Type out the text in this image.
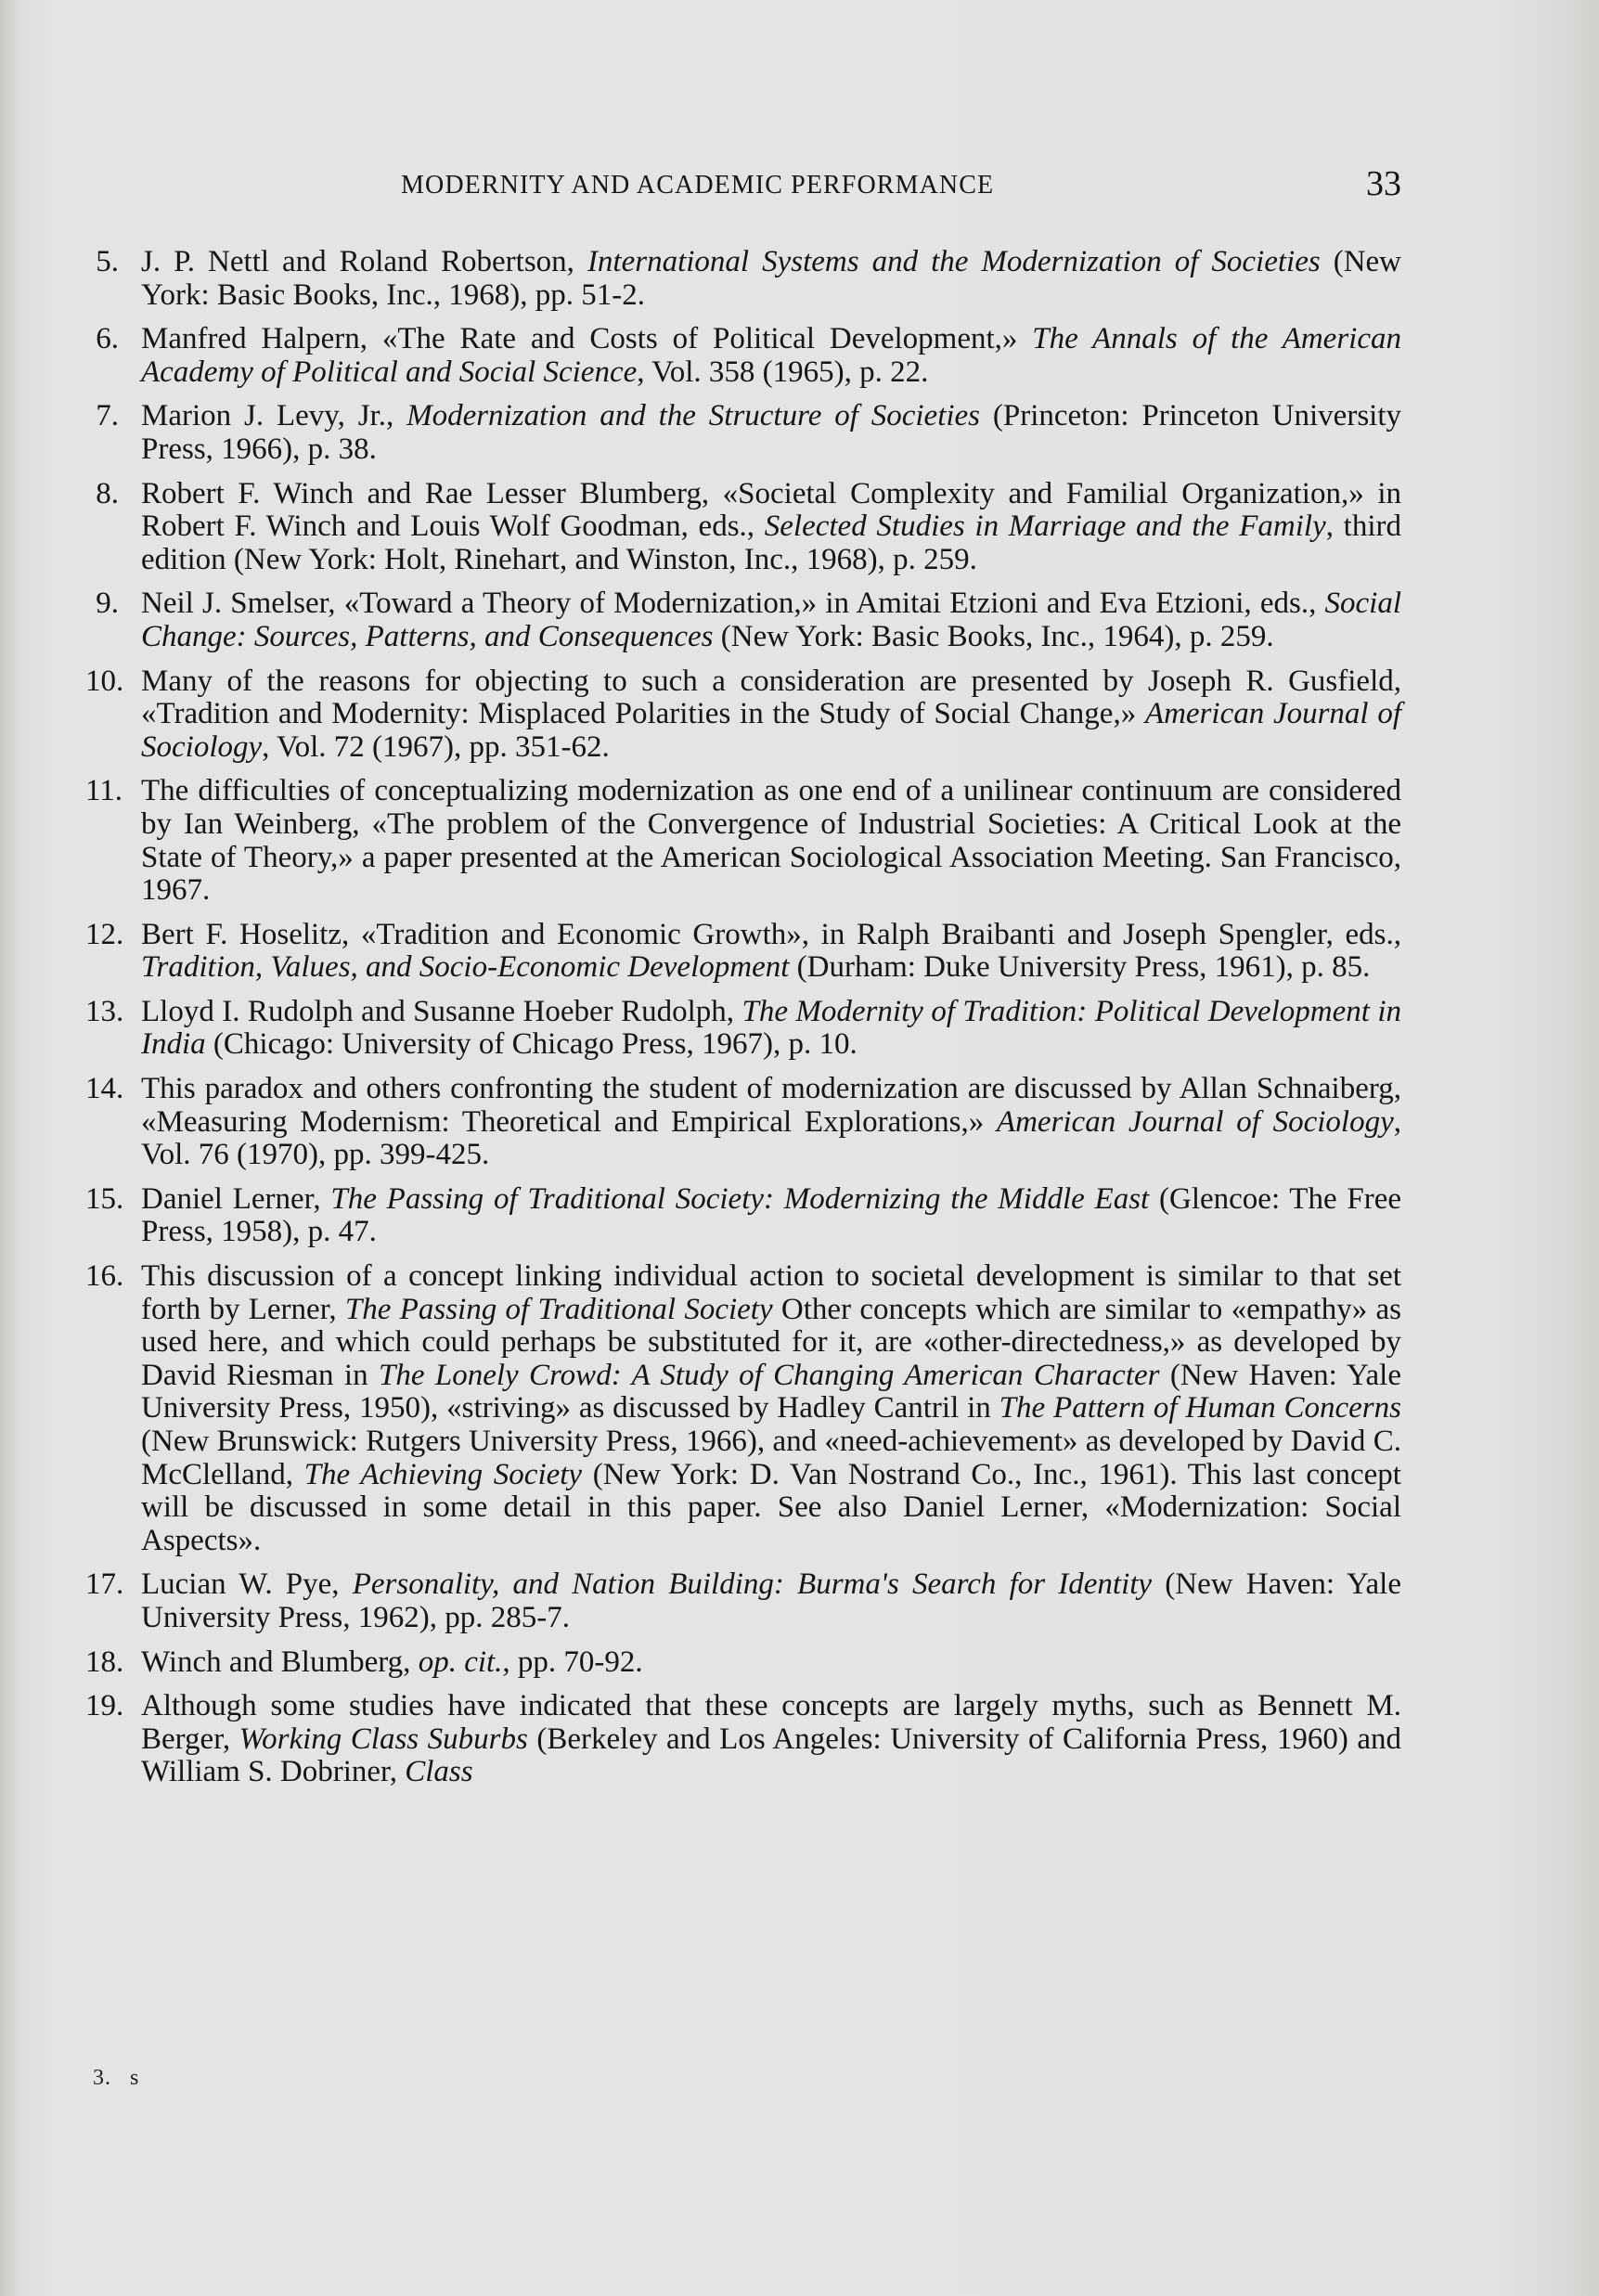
MODERNITY AND ACADEMIC PERFORMANCE	33
5. J. P. Nettl and Roland Robertson, International Systems and the Modernization of Societies (New York: Basic Books, Inc., 1968), pp. 51-2.
6. Manfred Halpern, «The Rate and Costs of Political Development,» The Annals of the American Academy of Political and Social Science, Vol. 358 (1965), p. 22.
7. Marion J. Levy, Jr., Modernization and the Structure of Societies (Princeton: Princeton University Press, 1966), p. 38.
8. Robert F. Winch and Rae Lesser Blumberg, «Societal Complexity and Familial Organization,» in Robert F. Winch and Louis Wolf Goodman, eds., Selected Studies in Marriage and the Family, third edition (New York: Holt, Rinehart, and Winston, Inc., 1968), p. 259.
9. Neil J. Smelser, «Toward a Theory of Modernization,» in Amitai Etzioni and Eva Etzioni, eds., Social Change: Sources, Patterns, and Consequences (New York: Basic Books, Inc., 1964), p. 259.
10. Many of the reasons for objecting to such a consideration are presented by Joseph R. Gusfield, «Tradition and Modernity: Misplaced Polarities in the Study of Social Change,» American Journal of Sociology, Vol. 72 (1967), pp. 351-62.
11. The difficulties of conceptualizing modernization as one end of a unilinear continuum are considered by Ian Weinberg, «The problem of the Convergence of Industrial Societies: A Critical Look at the State of Theory,» a paper presented at the American Sociological Association Meeting. San Francisco, 1967.
12. Bert F. Hoselitz, «Tradition and Economic Growth», in Ralph Braibanti and Joseph Spengler, eds., Tradition, Values, and Socio-Economic Development (Durham: Duke University Press, 1961), p. 85.
13. Lloyd I. Rudolph and Susanne Hoeber Rudolph, The Modernity of Tradition: Political Development in India (Chicago: University of Chicago Press, 1967), p. 10.
14. This paradox and others confronting the student of modernization are discussed by Allan Schnaiberg, «Measuring Modernism: Theoretical and Empirical Explorations,» American Journal of Sociology, Vol. 76 (1970), pp. 399-425.
15. Daniel Lerner, The Passing of Traditional Society: Modernizing the Middle East (Glencoe: The Free Press, 1958), p. 47.
16. This discussion of a concept linking individual action to societal development is similar to that set forth by Lerner, The Passing of Traditional Society Other concepts which are similar to «empathy» as used here, and which could perhaps be substituted for it, are «other-directedness,» as developed by David Riesman in The Lonely Crowd: A Study of Changing American Character (New Haven: Yale University Press, 1950), «striving» as discussed by Hadley Cantril in The Pattern of Human Concerns (New Brunswick: Rutgers University Press, 1966), and «need-achievement» as developed by David C. McClelland, The Achieving Society (New York: D. Van Nostrand Co., Inc., 1961). This last concept will be discussed in some detail in this paper. See also Daniel Lerner, «Modernization: Social Aspects».
17. Lucian W. Pye, Personality, and Nation Building: Burma's Search for Identity (New Haven: Yale University Press, 1962), pp. 285-7.
18. Winch and Blumberg, op. cit., pp. 70-92.
19. Although some studies have indicated that these concepts are largely myths, such as Bennett M. Berger, Working Class Suburbs (Berkeley and Los Angeles: University of California Press, 1960) and William S. Dobriner, Class
3. s
